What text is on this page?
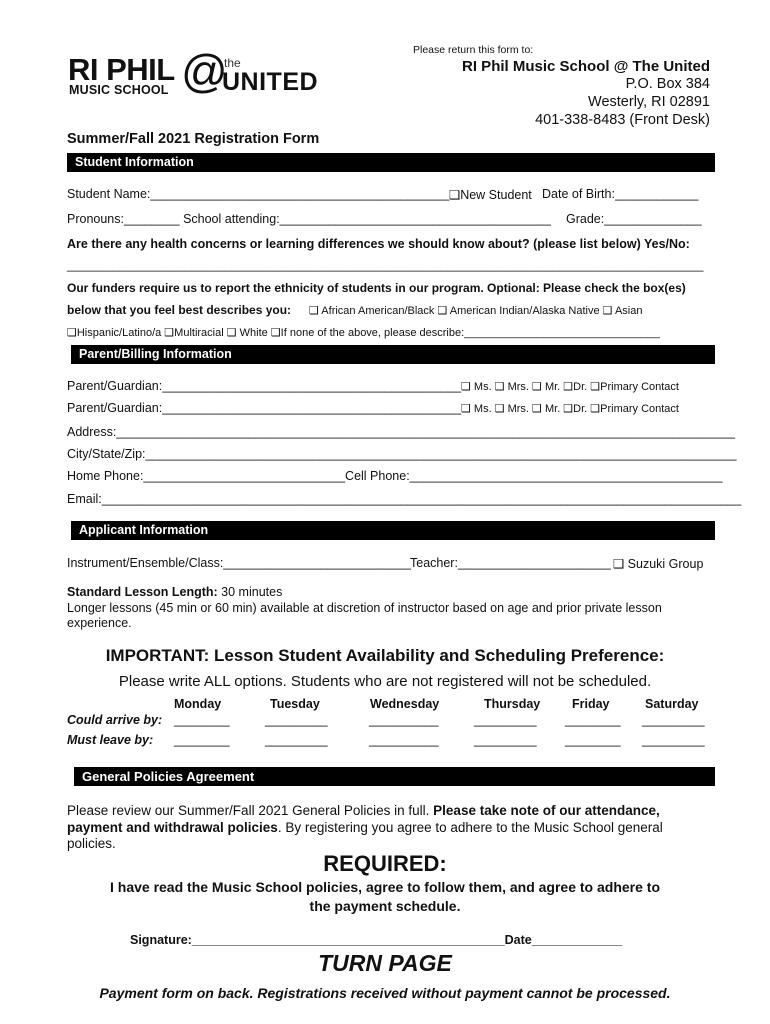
RI PHIL
MUSIC SCHOOL @
the
UNITED
Please return this form to:
RI Phil Music School @ The United
P.O. Box 384
Westerly, RI 02891
401-338-8483 (Front Desk)
Summer/Fall 2021 Registration Form
Student Information
Student Name:___________________________________________ ❑New Student Date of Birth:____________
Pronouns:________ School attending:_______________________________________ Grade:______________
Are there any health concerns or learning differences we should know about? (please list below) Yes/No:
_________________________________________________________________________________________________
Our funders require us to report the ethnicity of students in our program. Optional: Please check the box(es)
below that you feel best describes you: ❑ African American/Black ❑ American Indian/Alaska Native ❑ Asian
❑Hispanic/Latino/a ❑Multiracial ❑ White ❑If none of the above, please describe:________________________________
Parent/Billing Information
Parent/Guardian:___________________________________________ ❑ Ms. ❑ Mrs. ❑ Mr. ❑Dr. ❑Primary Contact
Parent/Guardian:___________________________________________ ❑ Ms. ❑ Mrs. ❑ Mr. ❑Dr. ❑Primary Contact
Address:_________________________________________________________________________________________
City/State/Zip:_____________________________________________________________________________________
Home Phone:_____________________________Cell Phone:_____________________________________________
Email:____________________________________________________________________________________________
Applicant Information
Instrument/Ensemble/Class:___________________________
Teacher:______________________ ❑ Suzuki Group
Standard Lesson Length: 30 minutes
Longer lessons (45 min or 60 min) available at discretion of instructor based on age and prior private lesson
experience.
IMPORTANT: Lesson Student Availability and Scheduling Preference:
Please write ALL options. Students who are not registered will not be scheduled.
Monday	Tuesday	Wednesday	Thursday	Friday	Saturday
Could arrive by: ________	_________	__________	_________ ________ _________
Must leave by: ________	_________	__________	_________ ________ _________
General Policies Agreement
Please review our Summer/Fall 2021 General Policies in full. Please take note of our attendance,
payment and withdrawal policies. By registering you agree to adhere to the Music School general
policies.
REQUIRED:
I have read the Music School policies, agree to follow them, and agree to adhere to
the payment schedule.
Signature:_____________________________________________Date_____________
TURN PAGE
Payment form on back. Registrations received without payment cannot be processed.
